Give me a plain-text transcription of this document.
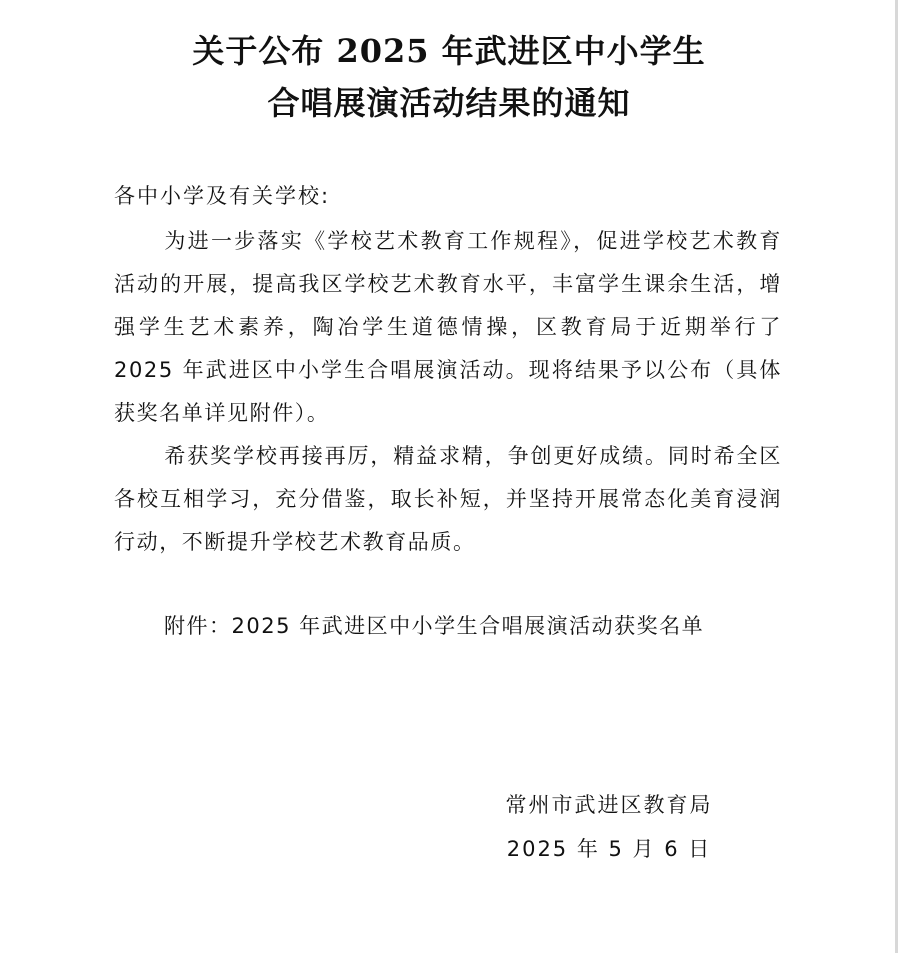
关于公布 2025 年武进区中小学生
合唱展演活动结果的通知
各中小学及有关学校:

为进一步落实《学校艺术教育工作规程》，促进学校艺术教育活动的开展，提高我区学校艺术教育水平，丰富学生课余生活，增强学生艺术素养，陶冶学生道德情操，区教育局于近期举行了 2025 年武进区中小学生合唱展演活动。现将结果予以公布（具体获奖名单详见附件）。

希获奖学校再接再厉，精益求精，争创更好成绩。同时希全区各校互相学习，充分借鉴，取长补短，并坚持开展常态化美育浸润行动，不断提升学校艺术教育品质。

附件：2025 年武进区中小学生合唱展演活动获奖名单
常州市武进区教育局
2025 年 5 月 6 日
